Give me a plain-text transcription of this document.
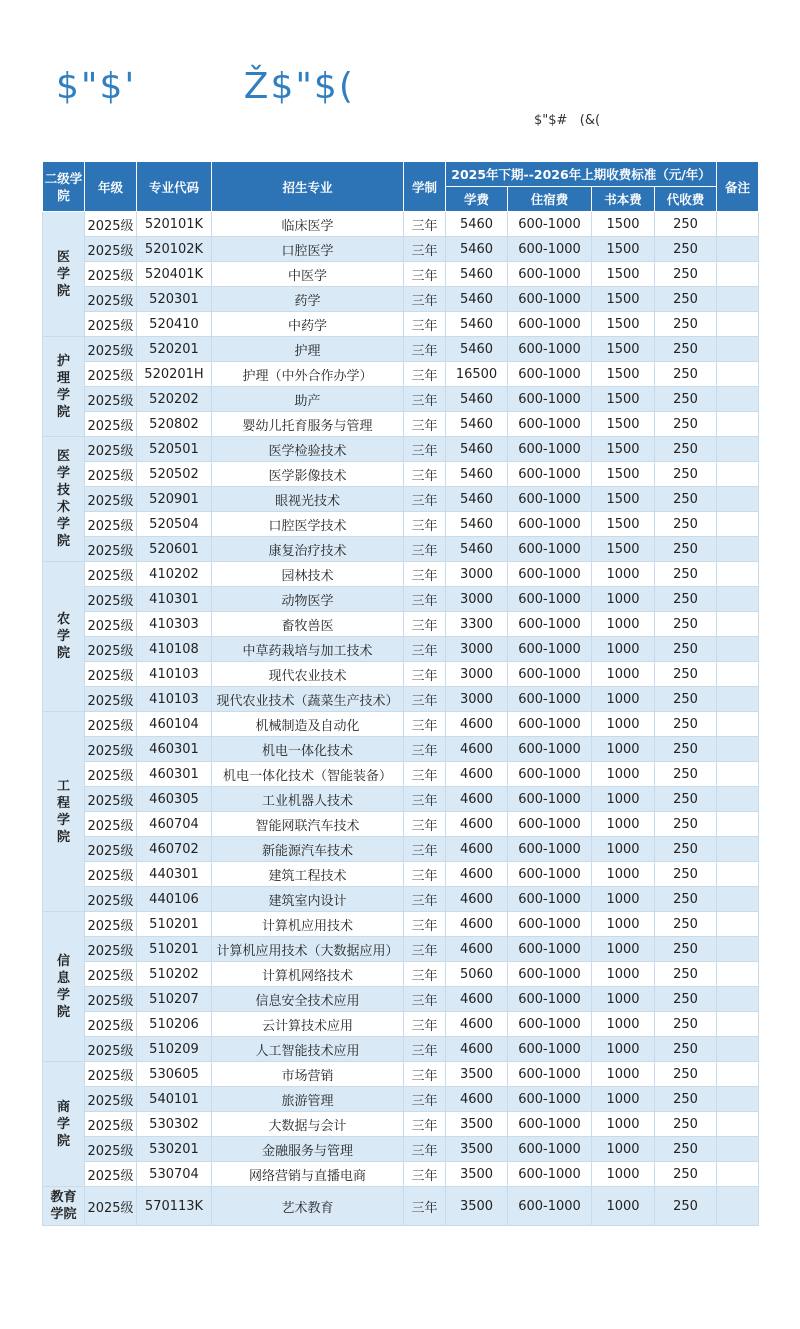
$"$'        Ž$"$(
$"$#   (&(
二级学院	年级	专业代码	招生专业	学制	2025年下期--2026年上期收费标准（元/年）				备注
					学费	住宿费	书本费	代收费	
医学院	2025级	520101K	临床医学	三年	5460	600-1000	1500	250	
	2025级	520102K	口腔医学	三年	5460	600-1000	1500	250	
	2025级	520401K	中医学	三年	5460	600-1000	1500	250	
	2025级	520301	药学	三年	5460	600-1000	1500	250	
	2025级	520410	中药学	三年	5460	600-1000	1500	250	
护理学院	2025级	520201	护理	三年	5460	600-1000	1500	250	
	2025级	520201H	护理（中外合作办学）	三年	16500	600-1000	1500	250	
	2025级	520202	助产	三年	5460	600-1000	1500	250	
	2025级	520802	婴幼儿托育服务与管理	三年	5460	600-1000	1500	250	
医学技术学院	2025级	520501	医学检验技术	三年	5460	600-1000	1500	250	
	2025级	520502	医学影像技术	三年	5460	600-1000	1500	250	
	2025级	520901	眼视光技术	三年	5460	600-1000	1500	250	
	2025级	520504	口腔医学技术	三年	5460	600-1000	1500	250	
	2025级	520601	康复治疗技术	三年	5460	600-1000	1500	250	
农学院	2025级	410202	园林技术	三年	3000	600-1000	1000	250	
	2025级	410301	动物医学	三年	3000	600-1000	1000	250	
	2025级	410303	畜牧兽医	三年	3300	600-1000	1000	250	
	2025级	410108	中草药栽培与加工技术	三年	3000	600-1000	1000	250	
	2025级	410103	现代农业技术	三年	3000	600-1000	1000	250	
	2025级	410103	现代农业技术（蔬菜生产技术）	三年	3000	600-1000	1000	250	
工程学院	2025级	460104	机械制造及自动化	三年	4600	600-1000	1000	250	
	2025级	460301	机电一体化技术	三年	4600	600-1000	1000	250	
	2025级	460301	机电一体化技术（智能装备）	三年	4600	600-1000	1000	250	
	2025级	460305	工业机器人技术	三年	4600	600-1000	1000	250	
	2025级	460704	智能网联汽车技术	三年	4600	600-1000	1000	250	
	2025级	460702	新能源汽车技术	三年	4600	600-1000	1000	250	
	2025级	440301	建筑工程技术	三年	4600	600-1000	1000	250	
	2025级	440106	建筑室内设计	三年	4600	600-1000	1000	250	
信息学院	2025级	510201	计算机应用技术	三年	4600	600-1000	1000	250	
	2025级	510201	计算机应用技术（大数据应用）	三年	4600	600-1000	1000	250	
	2025级	510202	计算机网络技术	三年	5060	600-1000	1000	250	
	2025级	510207	信息安全技术应用	三年	4600	600-1000	1000	250	
	2025级	510206	云计算技术应用	三年	4600	600-1000	1000	250	
	2025级	510209	人工智能技术应用	三年	4600	600-1000	1000	250	
商学院	2025级	530605	市场营销	三年	3500	600-1000	1000	250	
	2025级	540101	旅游管理	三年	4600	600-1000	1000	250	
	2025级	530302	大数据与会计	三年	3500	600-1000	1000	250	
	2025级	530201	金融服务与管理	三年	3500	600-1000	1000	250	
	2025级	530704	网络营销与直播电商	三年	3500	600-1000	1000	250	
教育学院	2025级	570113K	艺术教育	三年	3500	600-1000	1000	250	
